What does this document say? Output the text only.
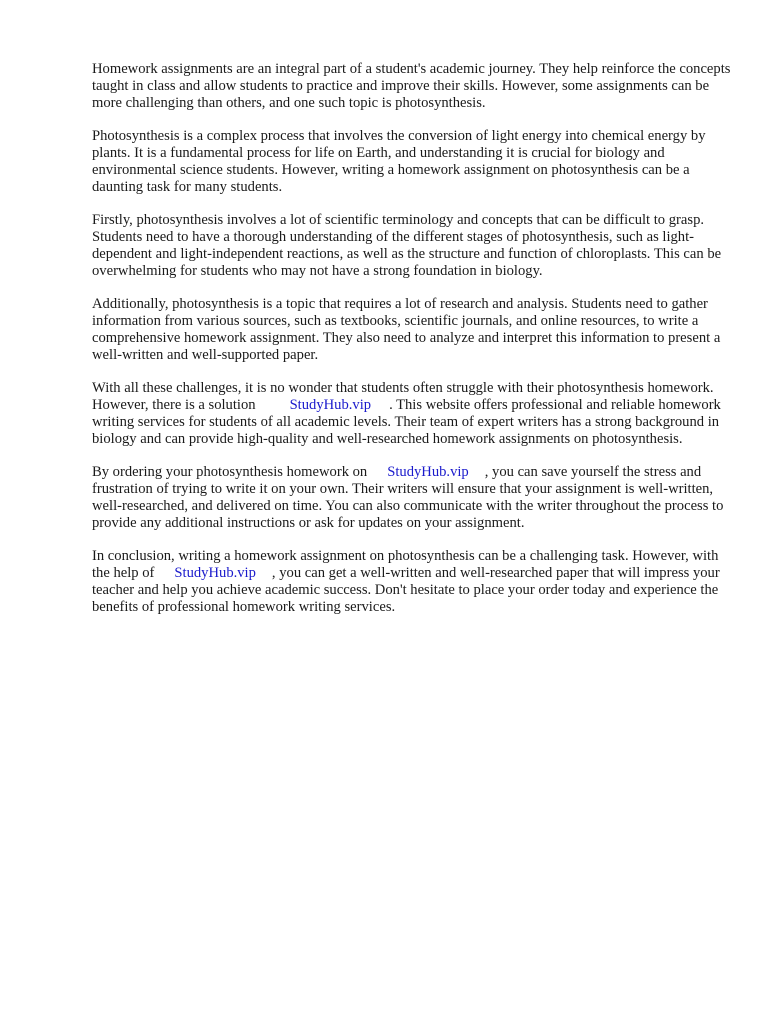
Homework assignments are an integral part of a student's academic journey. They help reinforce the concepts taught in class and allow students to practice and improve their skills. However, some assignments can be more challenging than others, and one such topic is photosynthesis.

Photosynthesis is a complex process that involves the conversion of light energy into chemical energy by plants. It is a fundamental process for life on Earth, and understanding it is crucial for biology and environmental science students. However, writing a homework assignment on photosynthesis can be a daunting task for many students.

Firstly, photosynthesis involves a lot of scientific terminology and concepts that can be difficult to grasp. Students need to have a thorough understanding of the different stages of photosynthesis, such as light-dependent and light-independent reactions, as well as the structure and function of chloroplasts. This can be overwhelming for students who may not have a strong foundation in biology.

Additionally, photosynthesis is a topic that requires a lot of research and analysis. Students need to gather information from various sources, such as textbooks, scientific journals, and online resources, to write a comprehensive homework assignment. They also need to analyze and interpret this information to present a well-written and well-supported paper.

With all these challenges, it is no wonder that students often struggle with their photosynthesis homework. However, there is a solution StudyHub.vip . This website offers professional and reliable homework writing services for students of all academic levels. Their team of expert writers has a strong background in biology and can provide high-quality and well-researched homework assignments on photosynthesis.

By ordering your photosynthesis homework on StudyHub.vip , you can save yourself the stress and frustration of trying to write it on your own. Their writers will ensure that your assignment is well-written, well-researched, and delivered on time. You can also communicate with the writer throughout the process to provide any additional instructions or ask for updates on your assignment.

In conclusion, writing a homework assignment on photosynthesis can be a challenging task. However, with the help of StudyHub.vip , you can get a well-written and well-researched paper that will impress your teacher and help you achieve academic success. Don't hesitate to place your order today and experience the benefits of professional homework writing services.
